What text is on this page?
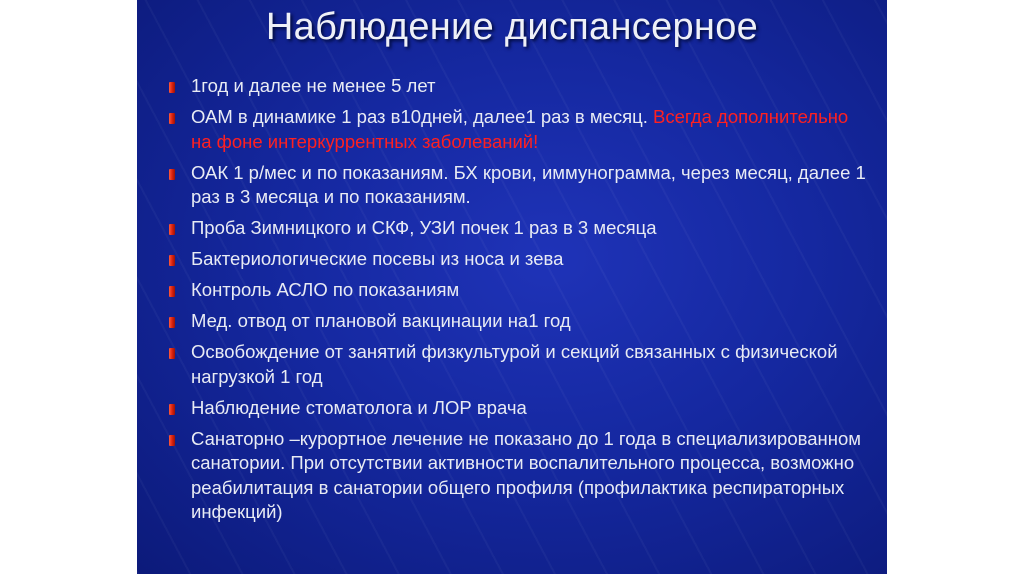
Наблюдение диспансерное
1год и далее не менее 5 лет
ОАМ в динамике 1 раз в10дней, далее1 раз в месяц. Всегда дополнительно на фоне интеркуррентных заболеваний!
ОАК 1 р/мес и по показаниям. БХ крови, иммунограмма, через месяц, далее 1 раз в 3 месяца и по показаниям.
Проба Зимницкого и СКФ, УЗИ почек 1 раз в 3 месяца
Бактериологические посевы из носа и зева
Контроль АСЛО по показаниям
Мед. отвод от плановой вакцинации на1 год
Освобождение от занятий физкультурой и секций связанных с физической нагрузкой 1 год
Наблюдение стоматолога и ЛОР врача
Санаторно –курортное лечение не показано до 1 года в специализированном санатории. При отсутствии активности воспалительного процесса, возможно реабилитация в санатории общего профиля (профилактика респираторных инфекций)
